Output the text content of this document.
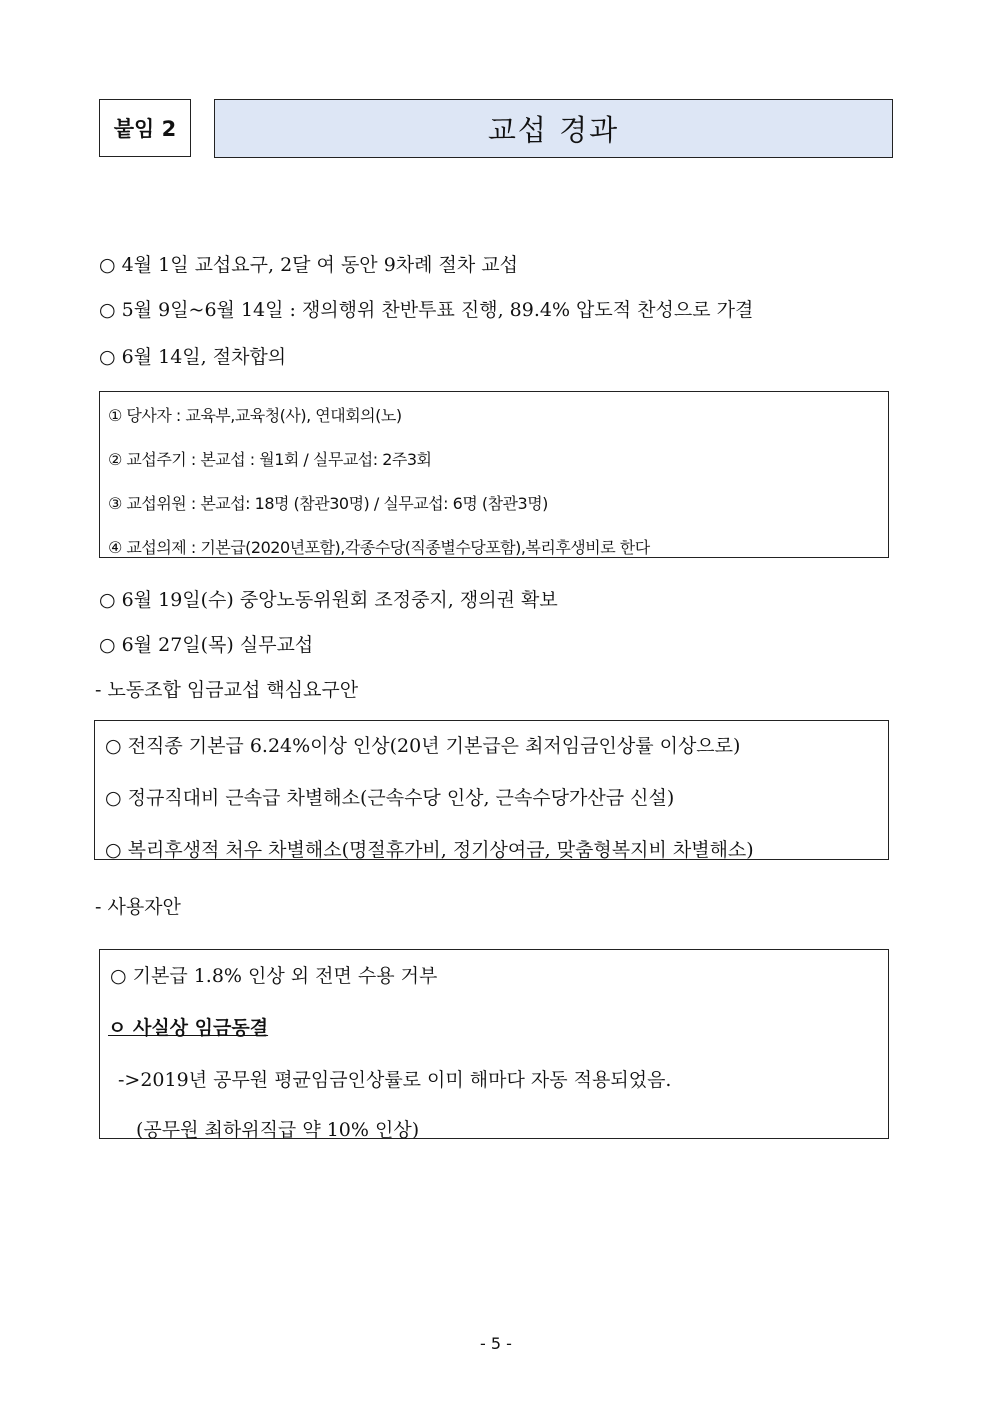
붙임 2	교섭 경과
○ 4월 1일 교섭요구, 2달 여 동안 9차례 절차 교섭
○ 5월 9일~6월 14일 : 쟁의행위 찬반투표 진행, 89.4% 압도적 찬성으로 가결
○ 6월 14일, 절차합의
① 당사자 : 교육부,교육청(사), 연대회의(노)
② 교섭주기 : 본교섭 : 월1회 / 실무교섭: 2주3회
③ 교섭위원 : 본교섭: 18명 (참관30명) / 실무교섭: 6명 (참관3명)
④ 교섭의제 : 기본급(2020년포함),각종수당(직종별수당포함),복리후생비로 한다
○ 6월 19일(수) 중앙노동위원회 조정중지, 쟁의권 확보
○ 6월 27일(목) 실무교섭
- 노동조합 임금교섭 핵심요구안
○ 전직종 기본급 6.24%이상 인상(20년 기본급은 최저임금인상률 이상으로)
○ 정규직대비 근속급 차별해소(근속수당 인상, 근속수당가산금 신설)
○ 복리후생적 처우 차별해소(명절휴가비, 정기상여금, 맞춤형복지비 차별해소)
- 사용자안
○ 기본급 1.8% 인상 외 전면 수용 거부
ㅇ 사실상 임금동결
->2019년 공무원 평균임금인상률로 이미 해마다 자동 적용되었음.
(공무원 최하위직급 약 10% 인상)
- 5 -
